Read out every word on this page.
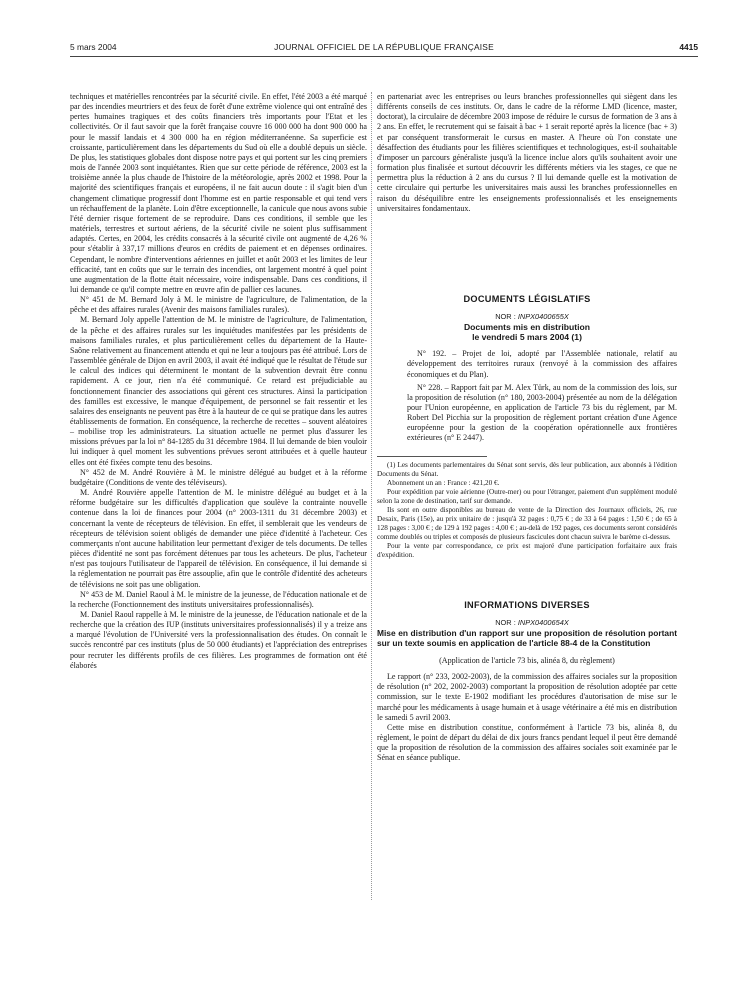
5 mars 2004	JOURNAL OFFICIEL DE LA RÉPUBLIQUE FRANÇAISE	4415

techniques et matérielles rencontrées par la sécurité civile. En effet, l'été 2003 a été marqué par des incendies meurtriers et des feux de forêt d'une extrême violence qui ont entraîné des pertes humaines tragiques et des coûts financiers très importants pour l'Etat et les collectivités. Or il faut savoir que la forêt française couvre 16 000 000 ha dont 900 000 ha pour le massif landais et 4 300 000 ha en région méditerranéenne. Sa superficie est croissante, particulièrement dans les départements du Sud où elle a doublé depuis un siècle. De plus, les statistiques globales dont dispose notre pays et qui portent sur les cinq premiers mois de l'année 2003 sont inquiétantes. Rien que sur cette période de référence, 2003 est la troisième année la plus chaude de l'histoire de la météorologie, après 2002 et 1998. Pour la majorité des scientifiques français et européens, il ne fait aucun doute : il s'agit bien d'un changement climatique progressif dont l'homme est en partie responsable et qui tend vers un réchauffement de la planète. Loin d'être exceptionnelle, la canicule que nous avons subie l'été dernier risque fortement de se reproduire. Dans ces conditions, il semble que les matériels, terrestres et surtout aériens, de la sécurité civile ne soient plus suffisamment adaptés. Certes, en 2004, les crédits consacrés à la sécurité civile ont augmenté de 4,26 % pour s'établir à 337,17 millions d'euros en crédits de paiement et en dépenses ordinaires. Cependant, le nombre d'interventions aériennes en juillet et août 2003 et les limites de leur efficacité, tant en coûts que sur le terrain des incendies, ont largement montré à quel point une augmentation de la flotte était nécessaire, voire indispensable. Dans ces conditions, il lui demande ce qu'il compte mettre en œuvre afin de pallier ces lacunes.

N° 451 de M. Bernard Joly à M. le ministre de l'agriculture, de l'alimentation, de la pêche et des affaires rurales (Avenir des maisons familiales rurales).

M. Bernard Joly appelle l'attention de M. le ministre de l'agriculture, de l'alimentation, de la pêche et des affaires rurales sur les inquiétudes manifestées par les présidents de maisons familiales rurales, et plus particulièrement celles du département de la Haute-Saône relativement au financement attendu et qui ne leur a toujours pas été attribué. Lors de l'assemblée générale de Dijon en avril 2003, il avait été indiqué que le résultat de l'étude sur le calcul des indices qui déterminent le montant de la subvention devrait être connu rapidement. A ce jour, rien n'a été communiqué. Ce retard est préjudiciable au fonctionnement financier des associations qui gèrent ces structures. Ainsi la participation des familles est excessive, le manque d'équipement, de personnel se fait ressentir et les salaires des enseignants ne peuvent pas être à la hauteur de ce qui se pratique dans les autres établissements de formation. En conséquence, la recherche de recettes – souvent aléatoires – mobilise trop les administrateurs. La situation actuelle ne permet plus d'assurer les missions prévues par la loi n° 84-1285 du 31 décembre 1984. Il lui demande de bien vouloir lui indiquer à quel moment les subventions prévues seront attribuées et à quelle hauteur elles ont été fixées compte tenu des besoins.

N° 452 de M. André Rouvière à M. le ministre délégué au budget et à la réforme budgétaire (Conditions de vente des téléviseurs).

M. André Rouvière appelle l'attention de M. le ministre délégué au budget et à la réforme budgétaire sur les difficultés d'application que soulève la contrainte nouvelle contenue dans la loi de finances pour 2004 (n° 2003-1311 du 31 décembre 2003) et concernant la vente de récepteurs de télévision. En effet, il semblerait que les vendeurs de récepteurs de télévision soient obligés de demander une pièce d'identité à l'acheteur. Ces commerçants n'ont aucune habilitation leur permettant d'exiger de tels documents. De telles pièces d'identité ne sont pas forcément détenues par tous les acheteurs. De plus, l'acheteur n'est pas toujours l'utilisateur de l'appareil de télévision. En conséquence, il lui demande si la réglementation ne pourrait pas être assouplie, afin que le contrôle d'identité des acheteurs de télévisions ne soit pas une obligation.

N° 453 de M. Daniel Raoul à M. le ministre de la jeunesse, de l'éducation nationale et de la recherche (Fonctionnement des instituts universitaires professionnalisés).

M. Daniel Raoul rappelle à M. le ministre de la jeunesse, de l'éducation nationale et de la recherche que la création des IUP (instituts universitaires professionnalisés) il y a treize ans a marqué l'évolution de l'Université vers la professionnalisation des études. On connaît le succès rencontré par ces instituts (plus de 50 000 étudiants) et l'appréciation des entreprises pour recruter les différents profils de ces filières. Les programmes de formation ont été élaborés

en partenariat avec les entreprises ou leurs branches professionnelles qui siègent dans les différents conseils de ces instituts. Or, dans le cadre de la réforme LMD (licence, master, doctorat), la circulaire de décembre 2003 impose de réduire le cursus de formation de 3 ans à 2 ans. En effet, le recrutement qui se faisait à bac + 1 serait reporté après la licence (bac + 3) et par conséquent transformerait le cursus en master. A l'heure où l'on constate une désaffection des étudiants pour les filières scientifiques et technologiques, est-il souhaitable d'imposer un parcours généraliste jusqu'à la licence inclue alors qu'ils souhaitent avoir une formation plus finalisée et surtout découvrir les différents métiers via les stages, ce que ne permettra plus la réduction à 2 ans du cursus ? Il lui demande quelle est la motivation de cette circulaire qui perturbe les universitaires mais aussi les branches professionnelles en raison du déséquilibre entre les enseignements professionnalisés et les enseignements universitaires fondamentaux.

DOCUMENTS LÉGISLATIFS

NOR : INPX0400655X

Documents mis en distribution
le vendredi 5 mars 2004 (1)

N° 192. – Projet de loi, adopté par l'Assemblée nationale, relatif au développement des territoires ruraux (renvoyé à la commission des affaires économiques et du Plan).

N° 228. – Rapport fait par M. Alex Türk, au nom de la commission des lois, sur la proposition de résolution (n° 180, 2003-2004) présentée au nom de la délégation pour l'Union européenne, en application de l'article 73 bis du règlement, par M. Robert Del Picchia sur la proposition de règlement portant création d'une Agence européenne pour la gestion de la coopération opérationnelle aux frontières extérieures (n° E 2447).

(1) Les documents parlementaires du Sénat sont servis, dès leur publication, aux abonnés à l'édition Documents du Sénat.

Abonnement un an : France : 421,20 €.

Pour expédition par voie aérienne (Outre-mer) ou pour l'étranger, paiement d'un supplément modulé selon la zone de destination, tarif sur demande.

Ils sont en outre disponibles au bureau de vente de la Direction des Journaux officiels, 26, rue Desaix, Paris (15e), au prix unitaire de : jusqu'à 32 pages : 0,75 € ; de 33 à 64 pages : 1,50 € ; de 65 à 128 pages : 3,00 € ; de 129 à 192 pages : 4,00 € ; au-delà de 192 pages, ces documents seront considérés comme doublés ou triples et composés de plusieurs fascicules dont chacun suivra le barème ci-dessus.

Pour la vente par correspondance, ce prix est majoré d'une participation forfaitaire aux frais d'expédition.

INFORMATIONS DIVERSES

NOR : INPX0400654X

Mise en distribution d'un rapport sur une proposition de résolution portant sur un texte soumis en application de l'article 88-4 de la Constitution

(Application de l'article 73 bis, alinéa 8, du règlement)

Le rapport (n° 233, 2002-2003), de la commission des affaires sociales sur la proposition de résolution (n° 202, 2002-2003) comportant la proposition de résolution adoptée par cette commission, sur le texte E-1902 modifiant les procédures d'autorisation de mise sur le marché pour les médicaments à usage humain et à usage vétérinaire a été mis en distribution le samedi 5 avril 2003.

Cette mise en distribution constitue, conformément à l'article 73 bis, alinéa 8, du règlement, le point de départ du délai de dix jours francs pendant lequel il peut être demandé que la proposition de résolution de la commission des affaires sociales soit examinée par le Sénat en séance publique.
